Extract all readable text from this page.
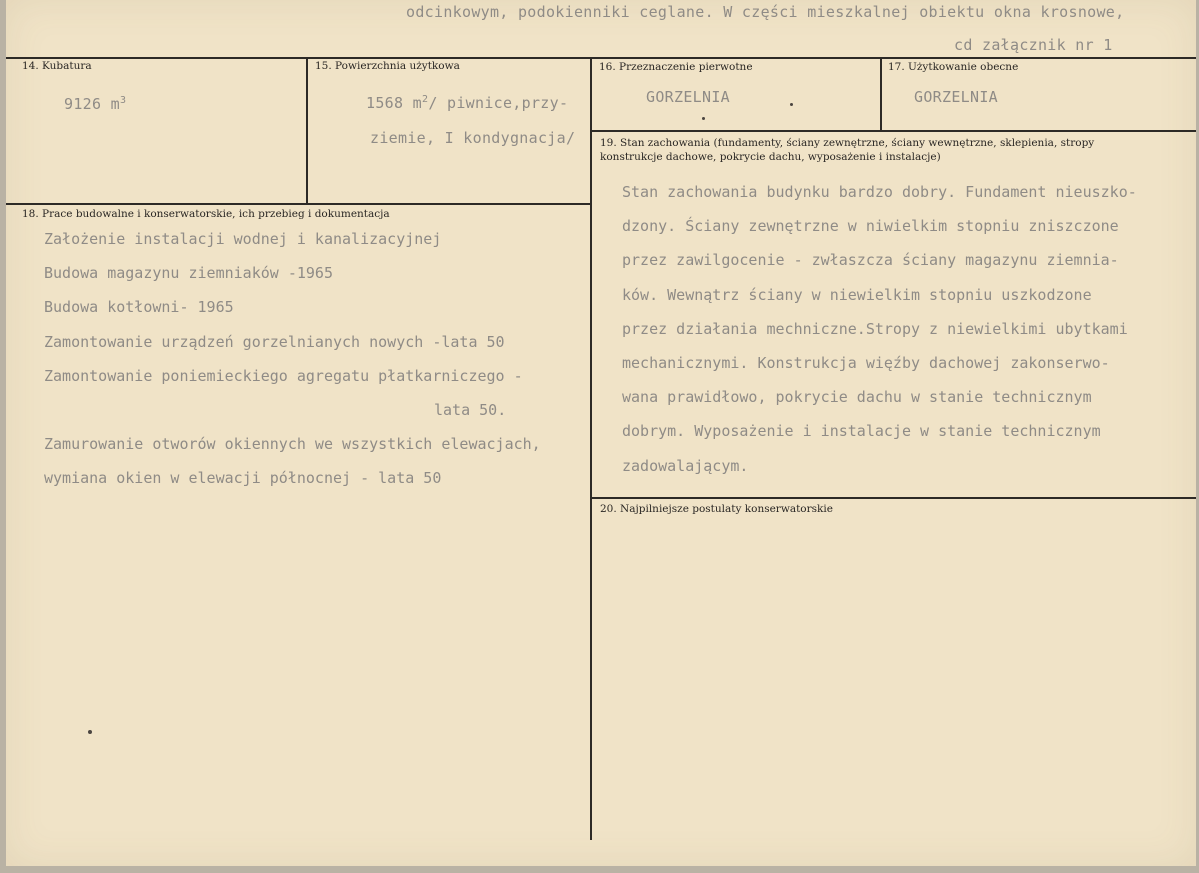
odcinkowym, podokienniki ceglane. W części mieszkalnej obiektu okna krosnowe,
cd załącznik nr 1
14. Kubatura
9126 $m^3$
15. Powierzchnia użytkowa
1568 $m^2/$ piwnice,przy-
ziemie, I kondygnacja/
16. Przeznaczenie pierwotne
GORZELNIA
17. Użytkowanie obecne
GORZELNIA
19. Stan zachowania (fundamenty, ściany zewnętrzne, ściany wewnętrzne, sklepienia, stropy
konstrukcje dachowe, pokrycie dachu, wyposażenie i instalacje)
Stan zachowania budynku bardzo dobry. Fundament nieuszko-
dzony. Ściany zewnętrzne w niwielkim stopniu zniszczone
przez zawilgocenie - zwłaszcza ściany magazynu ziemnia-
ków. Wewnątrz ściany w niewielkim stopniu uszkodzone
przez działania mechniczne.Stropy z niewielkimi ubytkami
mechanicznymi. Konstrukcja więźby dachowej zakonserwo-
wana prawidłowo, pokrycie dachu w stanie technicznym
dobrym. Wyposażenie i instalacje w stanie technicznym
zadowalającym.
18. Prace budowalne i konserwatorskie, ich przebieg i dokumentacja
Założenie instalacji wodnej i kanalizacyjnej
Budowa magazynu ziemniaków -1965
Budowa kotłowni- 1965
Zamontowanie urządzeń gorzelnianych nowych -lata 50
Zamontowanie poniemieckiego agregatu płatkarniczego -
lata 50.
Zamurowanie otworów okiennych we wszystkich elewacjach,
wymiana okien w elewacji północnej - lata 50
20. Najpilniejsze postulaty konserwatorskie
